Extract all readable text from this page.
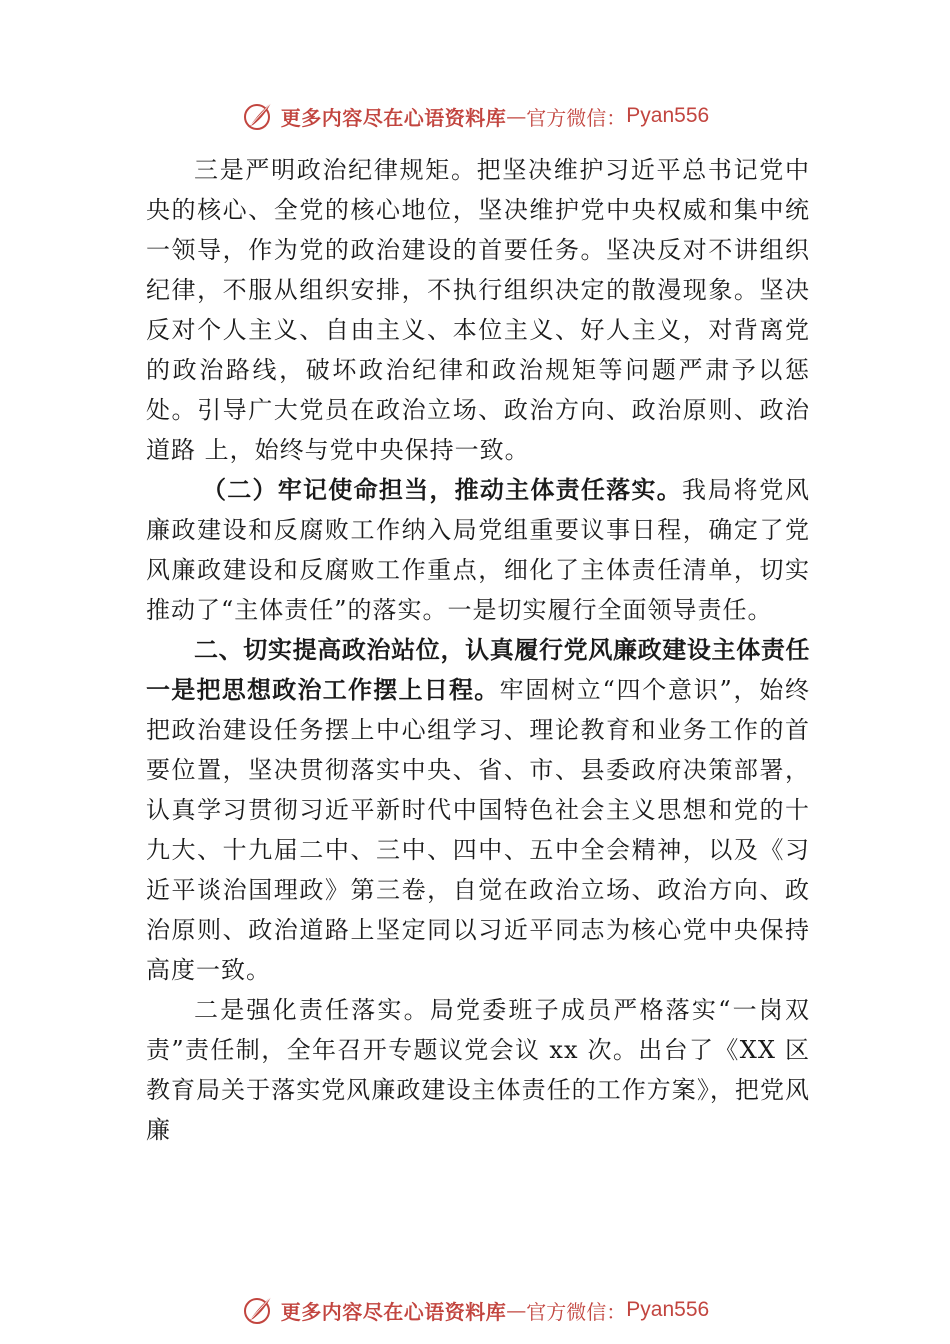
更多内容尽在心语资料库 — 官方微信： Pyan556

三是严明政治纪律规矩。把坚决维护习近平总书记党中央的核心、全党的核心地位，坚决维护党中央权威和集中统一领导，作为党的政治建设的首要任务。坚决反对不讲组织纪律，不服从组织安排，不执行组织决定的散漫现象。坚决 反对个人主义、自由主义、本位主义、好人主义，对背离党的政治路线，破坏政治纪律和政治规矩等问题严肃予以惩处。引导广大党员在政治立场、政治方向、政治原则、政治道路 上，始终与党中央保持一致。

（二）牢记使命担当，推动主体责任落实。我局将党风廉政建设和反腐败工作纳入局党组重要议事日程，确定了党风廉政建设和反腐败工作重点，细化了主体责任清单，切实推动了“主体责任”的落实。一是切实履行全面领导责任。

二、切实提高政治站位，认真履行党风廉政建设主体责任一是把思想政治工作摆上日程。牢固树立“四个意识”，始终把政治建设任务摆上中心组学习、理论教育和业务工作的首要位置，坚决贯彻落实中央、省、市、县委政府决策部署，认真学习贯彻习近平新时代中国特色社会主义思想和党的十九大、十九届二中、三中、四中、五中全会精神，以及《习 近平谈治国理政》第三卷，自觉在政治立场、政治方向、政 治原则、政治道路上坚定同以习近平同志为核心党中央保持高度一致。

二是强化责任落实。局党委班子成员严格落实“一岗双责”责任制，全年召开专题议党会议 xx 次。出台了《XX 区教育局关于落实党风廉政建设主体责任的工作方案》，把党风廉

更多内容尽在心语资料库 — 官方微信： Pyan556
